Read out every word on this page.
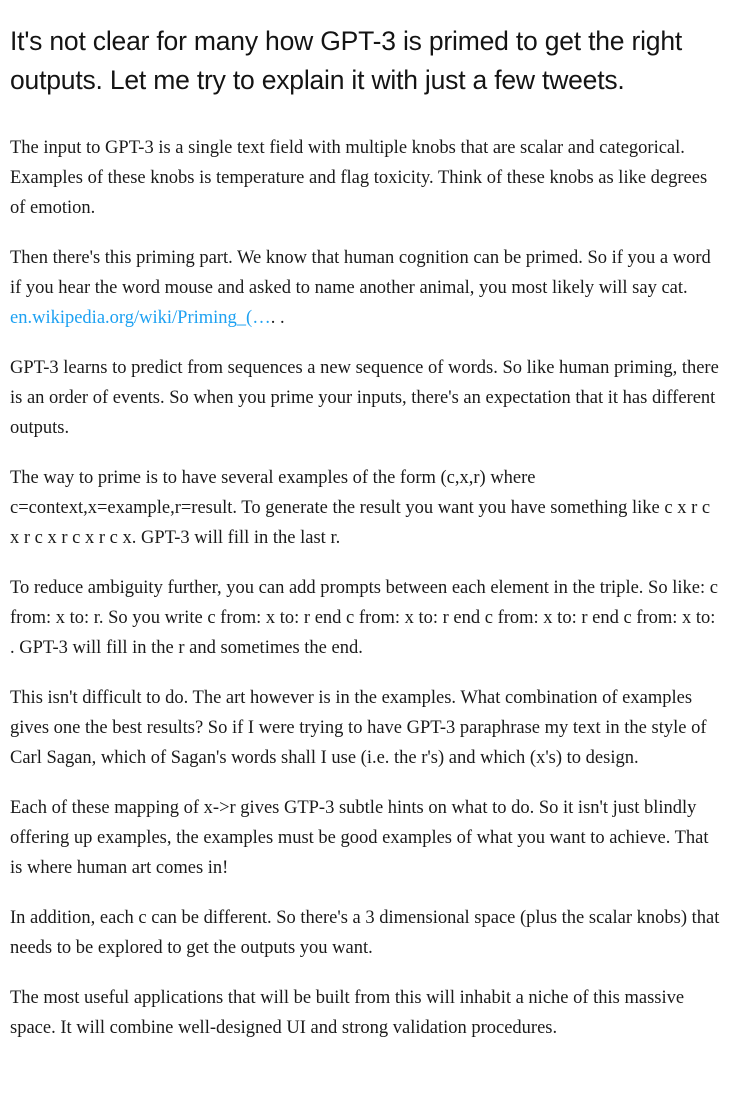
It's not clear for many how GPT-3 is primed to get the right outputs. Let me try to explain it with just a few tweets.

The input to GPT-3 is a single text field with multiple knobs that are scalar and categorical. Examples of these knobs is temperature and flag toxicity. Think of these knobs as like degrees of emotion.

Then there's this priming part. We know that human cognition can be primed. So if you a word if you hear the word mouse and asked to name another animal, you most likely will say cat. en.wikipedia.org/wiki/Priming_(…. .

GPT-3 learns to predict from sequences a new sequence of words. So like human priming, there is an order of events. So when you prime your inputs, there's an expectation that it has different outputs.

The way to prime is to have several examples of the form (c,x,r) where c=context,x=example,r=result. To generate the result you want you have something like c x r c x r c x r c x r c x. GPT-3 will fill in the last r.

To reduce ambiguity further, you can add prompts between each element in the triple. So like: c from: x to: r. So you write c from: x to: r end c from: x to: r end c from: x to: r end c from: x to: . GPT-3 will fill in the r and sometimes the end.

This isn't difficult to do. The art however is in the examples. What combination of examples gives one the best results? So if I were trying to have GPT-3 paraphrase my text in the style of Carl Sagan, which of Sagan's words shall I use (i.e. the r's) and which (x's) to design.

Each of these mapping of x->r gives GTP-3 subtle hints on what to do. So it isn't just blindly offering up examples, the examples must be good examples of what you want to achieve. That is where human art comes in!

In addition, each c can be different. So there's a 3 dimensional space (plus the scalar knobs) that needs to be explored to get the outputs you want.

The most useful applications that will be built from this will inhabit a niche of this massive space. It will combine well-designed UI and strong validation procedures.
